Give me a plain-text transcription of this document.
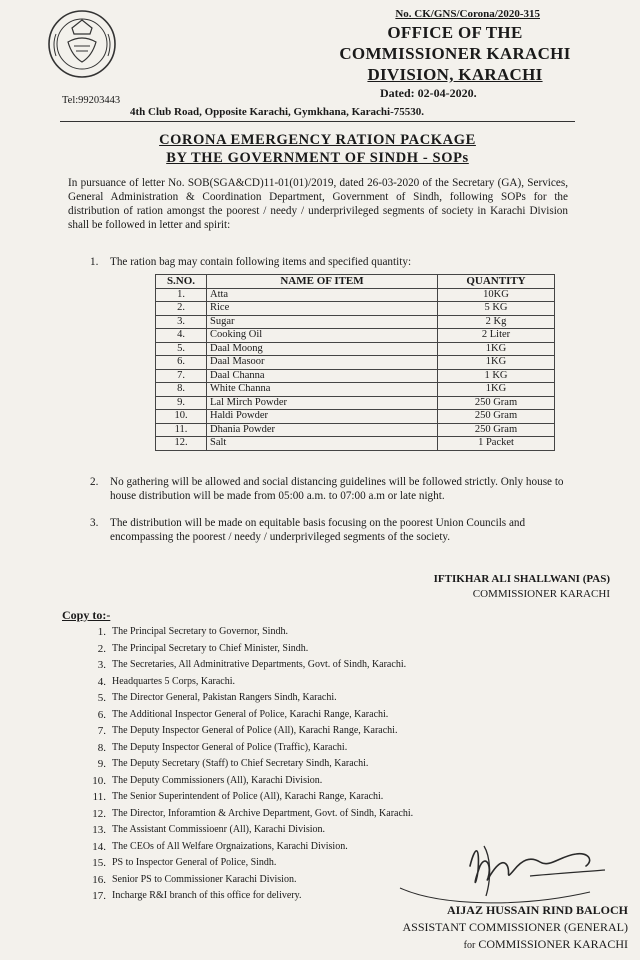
No. CK/GNS/Corona/2020-315
OFFICE OF THE
COMMISSIONER KARACHI
DIVISION, KARACHI
Dated: 02-04-2020.
Tel:99203443
4th Club Road, Opposite Karachi, Gymkhana, Karachi-75530.
CORONA EMERGENCY RATION PACKAGE
BY THE GOVERNMENT OF SINDH - SOPs
In pursuance of letter No. SOB(SGA&CD)11-01(01)/2019, dated 26-03-2020 of the Secretary (GA), Services, General Administration & Coordination Department, Government of Sindh, following SOPs for the distribution of ration amongst the poorest / needy / underprivileged segments of society in Karachi Division shall be followed in letter and spirit:
1. The ration bag may contain following items and specified quantity:
S.NO.	NAME OF ITEM	QUANTITY
1.	Atta	10KG
2.	Rice	5 KG
3.	Sugar	2 Kg
4.	Cooking Oil	2 Liter
5.	Daal Moong	1KG
6.	Daal Masoor	1KG
7.	Daal Channa	1 KG
8.	White Channa	1KG
9.	Lal Mirch Powder	250 Gram
10.	Haldi Powder	250 Gram
11.	Dhania Powder	250 Gram
12.	Salt	1 Packet
2. No gathering will be allowed and social distancing guidelines will be followed strictly. Only house to house distribution will be made from 05:00 a.m. to 07:00 a.m or late night.
3. The distribution will be made on equitable basis focusing on the poorest Union Councils and encompassing the poorest / needy / underprivileged segments of the society.
IFTIKHAR ALI SHALLWANI (PAS)
COMMISSIONER KARACHI
Copy to:-
1. The Principal Secretary to Governor, Sindh.
2. The Principal Secretary to Chief Minister, Sindh.
3. The Secretaries, All Adminitrative Departments, Govt. of Sindh, Karachi.
4. Headquartes 5 Corps, Karachi.
5. The Director General, Pakistan Rangers Sindh, Karachi.
6. The Additional Inspector General of Police, Karachi Range, Karachi.
7. The Deputy Inspector General of Police (All), Karachi Range, Karachi.
8. The Deputy Inspector General of Police (Traffic), Karachi.
9. The Deputy Secretary (Staff) to Chief Secretary Sindh, Karachi.
10. The Deputy Commissioners (All), Karachi Division.
11. The Senior Superintendent of Police (All), Karachi Range, Karachi.
12. The Director, Inforamtion & Archive Department, Govt. of Sindh, Karachi.
13. The Assistant Commissioenr (All), Karachi Division.
14. The CEOs of All Welfare Orgnaizations, Karachi Division.
15. PS to Inspector General of Police, Sindh.
16. Senior PS to Commissioner Karachi Division.
17. Incharge R&I branch of this office for delivery.
AIJAZ HUSSAIN RIND BALOCH
ASSISTANT COMMISSIONER (GENERAL)
for COMMISSIONER KARACHI
